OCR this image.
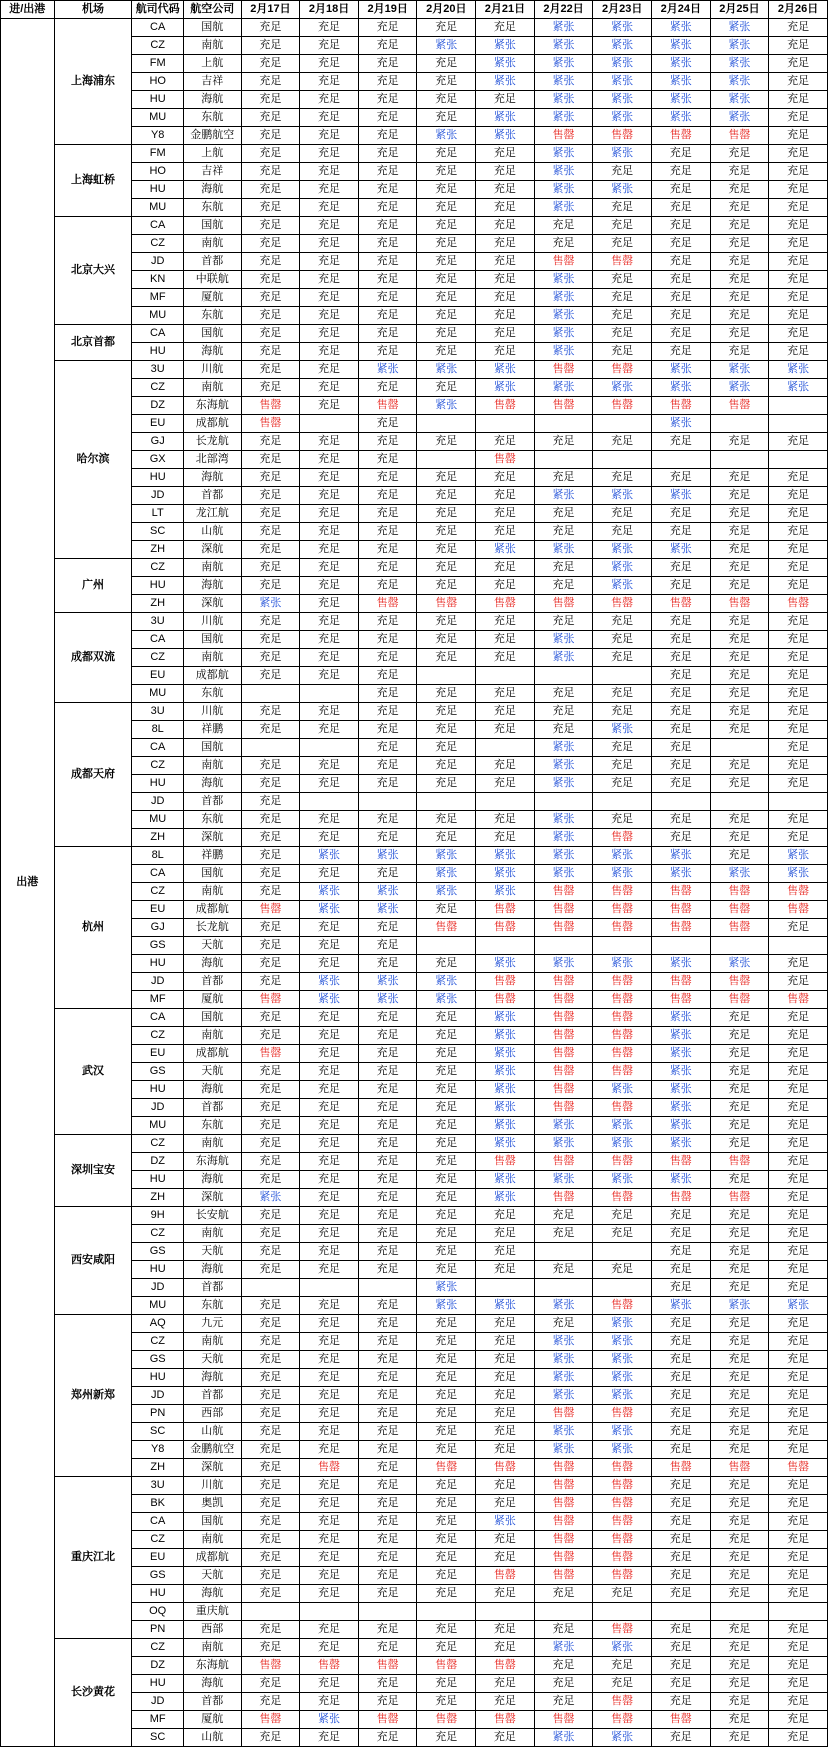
进/出港	机场	航司代码	航空公司	2月17日	2月18日	2月19日	2月20日	2月21日	2月22日	2月23日	2月24日	2月25日	2月26日
出港	上海浦东	CA	国航	充足	充足	充足	充足	充足	紧张	紧张	紧张	紧张	充足
		CZ	南航	充足	充足	充足	紧张	紧张	紧张	紧张	紧张	紧张	充足
		FM	上航	充足	充足	充足	充足	紧张	紧张	紧张	紧张	紧张	充足
		HO	吉祥	充足	充足	充足	充足	紧张	紧张	紧张	紧张	紧张	充足
		HU	海航	充足	充足	充足	充足	充足	紧张	紧张	紧张	紧张	充足
		MU	东航	充足	充足	充足	充足	紧张	紧张	紧张	紧张	紧张	充足
		Y8	金鹏航空	充足	充足	充足	紧张	紧张	售罄	售罄	售罄	售罄	充足
	上海虹桥	FM	上航	充足	充足	充足	充足	充足	紧张	紧张	充足	充足	充足
		HO	吉祥	充足	充足	充足	充足	充足	紧张	充足	充足	充足	充足
		HU	海航	充足	充足	充足	充足	充足	紧张	紧张	充足	充足	充足
		MU	东航	充足	充足	充足	充足	充足	紧张	充足	充足	充足	充足
	北京大兴	CA	国航	充足	充足	充足	充足	充足	充足	充足	充足	充足	充足
		CZ	南航	充足	充足	充足	充足	充足	充足	充足	充足	充足	充足
		JD	首都	充足	充足	充足	充足	充足	售罄	售罄	充足	充足	充足
		KN	中联航	充足	充足	充足	充足	充足	紧张	充足	充足	充足	充足
		MF	厦航	充足	充足	充足	充足	充足	紧张	充足	充足	充足	充足
		MU	东航	充足	充足	充足	充足	充足	紧张	充足	充足	充足	充足
	北京首都	CA	国航	充足	充足	充足	充足	充足	紧张	充足	充足	充足	充足
		HU	海航	充足	充足	充足	充足	充足	紧张	充足	充足	充足	充足
	哈尔滨	3U	川航	充足	充足	紧张	紧张	紧张	售罄	售罄	紧张	紧张	紧张
		CZ	南航	充足	充足	充足	充足	紧张	紧张	紧张	紧张	紧张	紧张
		DZ	东海航	售罄	充足	售罄	紧张	售罄	售罄	售罄	售罄	售罄	
		EU	成都航	售罄		充足					紧张		
		GJ	长龙航	充足	充足	充足	充足	充足	充足	充足	充足	充足	充足
		GX	北部湾	充足	充足	充足		售罄					
		HU	海航	充足	充足	充足	充足	充足	充足	充足	充足	充足	充足
		JD	首都	充足	充足	充足	充足	充足	紧张	紧张	紧张	充足	充足
		LT	龙江航	充足	充足	充足	充足	充足	充足	充足	充足	充足	充足
		SC	山航	充足	充足	充足	充足	充足	充足	充足	充足	充足	充足
		ZH	深航	充足	充足	充足	充足	紧张	紧张	紧张	紧张	充足	充足
	广州	CZ	南航	充足	充足	充足	充足	充足	充足	紧张	充足	充足	充足
		HU	海航	充足	充足	充足	充足	充足	充足	紧张	充足	充足	充足
		ZH	深航	紧张	充足	售罄	售罄	售罄	售罄	售罄	售罄	售罄	售罄
	成都双流	3U	川航	充足	充足	充足	充足	充足	充足	充足	充足	充足	充足
		CA	国航	充足	充足	充足	充足	充足	紧张	充足	充足	充足	充足
		CZ	南航	充足	充足	充足	充足	充足	紧张	充足	充足	充足	充足
		EU	成都航	充足	充足	充足					充足	充足	充足
		MU	东航			充足	充足	充足	充足	充足	充足	充足	充足
	成都天府	3U	川航	充足	充足	充足	充足	充足	充足	充足	充足	充足	充足
		8L	祥鹏	充足	充足	充足	充足	充足	充足	紧张	充足	充足	充足
		CA	国航			充足	充足		紧张	充足	充足		充足
		CZ	南航	充足	充足	充足	充足	充足	紧张	充足	充足	充足	充足
		HU	海航	充足	充足	充足	充足	充足	紧张	充足	充足	充足	充足
		JD	首都	充足									
		MU	东航	充足	充足	充足	充足	充足	紧张	充足	充足	充足	充足
		ZH	深航	充足	充足	充足	充足	充足	紧张	售罄	充足	充足	充足
	杭州	8L	祥鹏	充足	紧张	紧张	紧张	紧张	紧张	紧张	紧张	充足	紧张
		CA	国航	充足	充足	充足	紧张	紧张	紧张	紧张	紧张	紧张	紧张
		CZ	南航	充足	紧张	紧张	紧张	紧张	售罄	售罄	售罄	售罄	售罄
		EU	成都航	售罄	紧张	紧张	充足	售罄	售罄	售罄	售罄	售罄	售罄
		GJ	长龙航	充足	充足	充足	售罄	售罄	售罄	售罄	售罄	售罄	充足
		GS	天航	充足	充足	充足							
		HU	海航	充足	充足	充足	充足	紧张	紧张	紧张	紧张	紧张	充足
		JD	首都	充足	紧张	紧张	紧张	售罄	售罄	售罄	售罄	售罄	充足
		MF	厦航	售罄	紧张	紧张	紧张	售罄	售罄	售罄	售罄	售罄	售罄
	武汉	CA	国航	充足	充足	充足	充足	紧张	售罄	售罄	紧张	充足	充足
		CZ	南航	充足	充足	充足	充足	紧张	售罄	售罄	紧张	充足	充足
		EU	成都航	售罄	充足	充足	充足	紧张	售罄	售罄	紧张	充足	充足
		GS	天航	充足	充足	充足	充足	紧张	售罄	售罄	紧张	充足	充足
		HU	海航	充足	充足	充足	充足	紧张	售罄	紧张	紧张	充足	充足
		JD	首都	充足	充足	充足	充足	紧张	售罄	售罄	紧张	充足	充足
		MU	东航	充足	充足	充足	充足	紧张	紧张	紧张	紧张	充足	充足
	深圳宝安	CZ	南航	充足	充足	充足	充足	紧张	紧张	紧张	紧张	充足	充足
		DZ	东海航	充足	充足	充足	充足	售罄	售罄	售罄	售罄	售罄	充足
		HU	海航	充足	充足	充足	充足	紧张	紧张	紧张	紧张	充足	充足
		ZH	深航	紧张	充足	充足	充足	紧张	售罄	售罄	售罄	售罄	充足
	西安咸阳	9H	长安航	充足	充足	充足	充足	充足	充足	充足	充足	充足	充足
		CZ	南航	充足	充足	充足	充足	充足	充足	充足	充足	充足	充足
		GS	天航	充足	充足	充足	充足	充足			充足	充足	充足
		HU	海航	充足	充足	充足	充足	充足	充足	充足	充足	充足	充足
		JD	首都				紧张				充足	充足	充足
		MU	东航	充足	充足	充足	紧张	紧张	紧张	售罄	紧张	紧张	紧张
	郑州新郑	AQ	九元	充足	充足	充足	充足	充足	充足	紧张	充足	充足	充足
		CZ	南航	充足	充足	充足	充足	充足	紧张	紧张	充足	充足	充足
		GS	天航	充足	充足	充足	充足	充足	紧张	紧张	充足	充足	充足
		HU	海航	充足	充足	充足	充足	充足	紧张	紧张	充足	充足	充足
		JD	首都	充足	充足	充足	充足	充足	紧张	紧张	充足	充足	充足
		PN	西部	充足	充足	充足	充足	充足	售罄	售罄	充足	充足	充足
		SC	山航	充足	充足	充足	充足	充足	紧张	紧张	充足	充足	充足
		Y8	金鹏航空	充足	充足	充足	充足	充足	紧张	紧张	充足	充足	充足
		ZH	深航	充足	售罄	充足	售罄	售罄	售罄	售罄	售罄	售罄	售罄
	重庆江北	3U	川航	充足	充足	充足	充足	充足	售罄	售罄	充足	充足	充足
		BK	奥凯	充足	充足	充足	充足	充足	售罄	售罄	充足	充足	充足
		CA	国航	充足	充足	充足	充足	紧张	售罄	售罄	充足	充足	充足
		CZ	南航	充足	充足	充足	充足	充足	售罄	售罄	充足	充足	充足
		EU	成都航	充足	充足	充足	充足	充足	售罄	售罄	充足	充足	充足
		GS	天航	充足	充足	充足	充足	售罄	售罄	售罄	充足	充足	充足
		HU	海航	充足	充足	充足	充足	充足	充足	充足	充足	充足	充足
		OQ	重庆航										
		PN	西部	充足	充足	充足	充足	充足	充足	售罄	充足	充足	充足
	长沙黄花	CZ	南航	充足	充足	充足	充足	充足	紧张	紧张	充足	充足	充足
		DZ	东海航	售罄	售罄	售罄	售罄	售罄	充足	充足	充足	充足	充足
		HU	海航	充足	充足	充足	充足	充足	充足	充足	充足	充足	充足
		JD	首都	充足	充足	充足	充足	充足	充足	售罄	充足	充足	充足
		MF	厦航	售罄	紧张	售罄	售罄	售罄	售罄	售罄	售罄	充足	充足
		SC	山航	充足	充足	充足	充足	充足	紧张	紧张	充足	充足	充足
